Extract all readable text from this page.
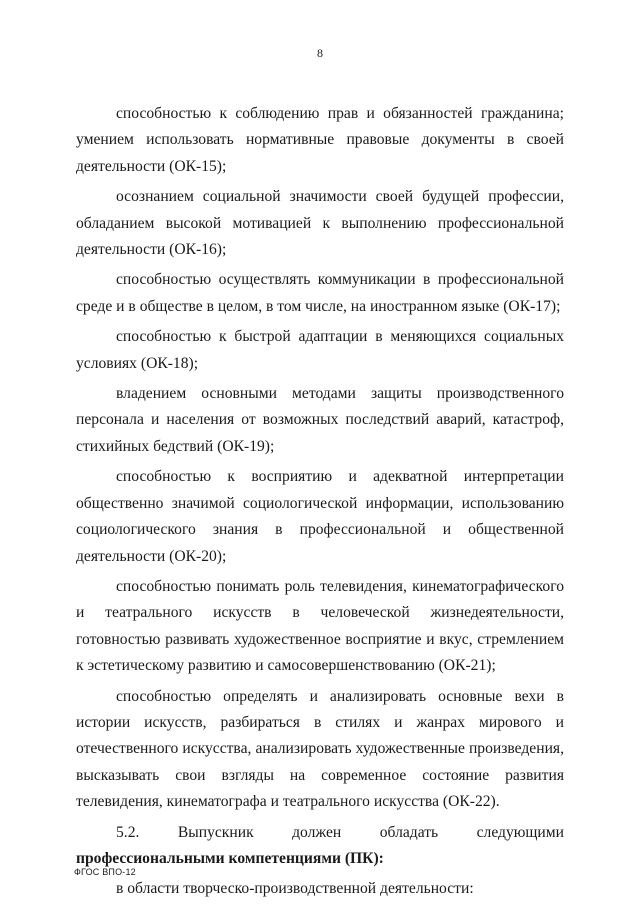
8

способностью к соблюдению прав и обязанностей гражданина; умением использовать нормативные правовые документы в своей деятельности (ОК-15);

осознанием социальной значимости своей будущей профессии, обладанием высокой мотивацией к выполнению профессиональной деятельности (ОК-16);

способностью осуществлять коммуникации в профессиональной среде и в обществе в целом, в том числе, на иностранном языке (ОК-17);

способностью к быстрой адаптации в меняющихся социальных условиях (ОК-18);

владением основными методами защиты производственного персонала и населения от возможных последствий аварий, катастроф, стихийных бедствий (ОК-19);

способностью к восприятию и адекватной интерпретации общественно значимой социологической информации, использованию социологического знания в профессиональной и общественной деятельности (ОК-20);

способностью понимать роль телевидения, кинематографического и театрального искусств в человеческой жизнедеятельности, готовностью развивать художественное восприятие и вкус, стремлением к эстетическому развитию и самосовершенствованию (ОК-21);

способностью определять и анализировать основные вехи в истории искусств, разбираться в стилях и жанрах мирового и отечественного искусства, анализировать художественные произведения, высказывать свои взгляды на современное состояние развития телевидения, кинематографа и театрального искусства (ОК-22).

5.2. Выпускник должен обладать следующими профессиональными компетенциями (ПК):

в области творческо-производственной деятельности:

ФГОС ВПО-12
